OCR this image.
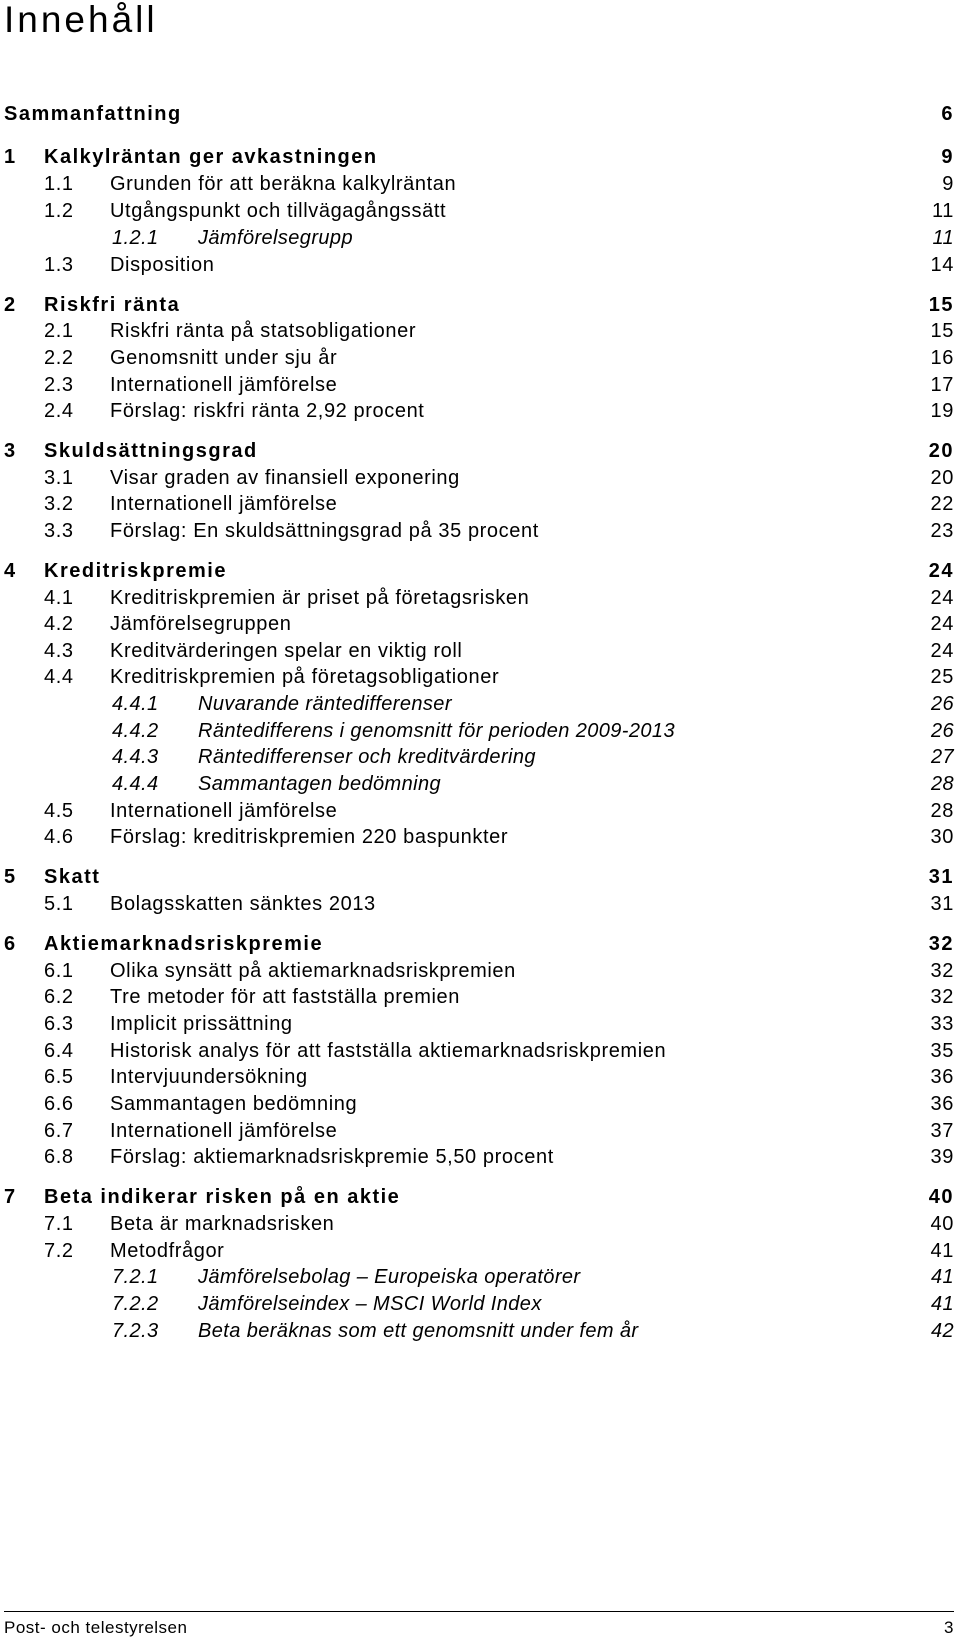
Innehåll
Sammanfattning	6
1 Kalkylräntan ger avkastningen	9
1.1 Grunden för att beräkna kalkylräntan	9
1.2 Utgångspunkt och tillvägagångssätt	11
1.2.1 Jämförelsegrupp	11
1.3 Disposition	14
2 Riskfri ränta	15
2.1 Riskfri ränta på statsobligationer	15
2.2 Genomsnitt under sju år	16
2.3 Internationell jämförelse	17
2.4 Förslag: riskfri ränta 2,92 procent	19
3 Skuldsättningsgrad	20
3.1 Visar graden av finansiell exponering	20
3.2 Internationell jämförelse	22
3.3 Förslag: En skuldsättningsgrad på 35 procent	23
4 Kreditriskpremie	24
4.1 Kreditriskpremien är priset på företagsrisken	24
4.2 Jämförelsegruppen	24
4.3 Kreditvärderingen spelar en viktig roll	24
4.4 Kreditriskpremien på företagsobligationer	25
4.4.1 Nuvarande räntedifferenser	26
4.4.2 Räntedifferens i genomsnitt för perioden 2009-2013	26
4.4.3 Räntedifferenser och kreditvärdering	27
4.4.4 Sammantagen bedömning	28
4.5 Internationell jämförelse	28
4.6 Förslag: kreditriskpremien 220 baspunkter	30
5 Skatt	31
5.1 Bolagsskatten sänktes 2013	31
6 Aktiemarknadsriskpremie	32
6.1 Olika synsätt på aktiemarknadsriskpremien	32
6.2 Tre metoder för att fastställa premien	32
6.3 Implicit prissättning	33
6.4 Historisk analys för att fastställa aktiemarknadsriskpremien	35
6.5 Intervjuundersökning	36
6.6 Sammantagen bedömning	36
6.7 Internationell jämförelse	37
6.8 Förslag: aktiemarknadsriskpremie 5,50 procent	39
7 Beta indikerar risken på en aktie	40
7.1 Beta är marknadsrisken	40
7.2 Metodfrågor	41
7.2.1 Jämförelsebolag – Europeiska operatörer	41
7.2.2 Jämförelseindex – MSCI World Index	41
7.2.3 Beta beräknas som ett genomsnitt under fem år	42
Post- och telestyrelsen	3
